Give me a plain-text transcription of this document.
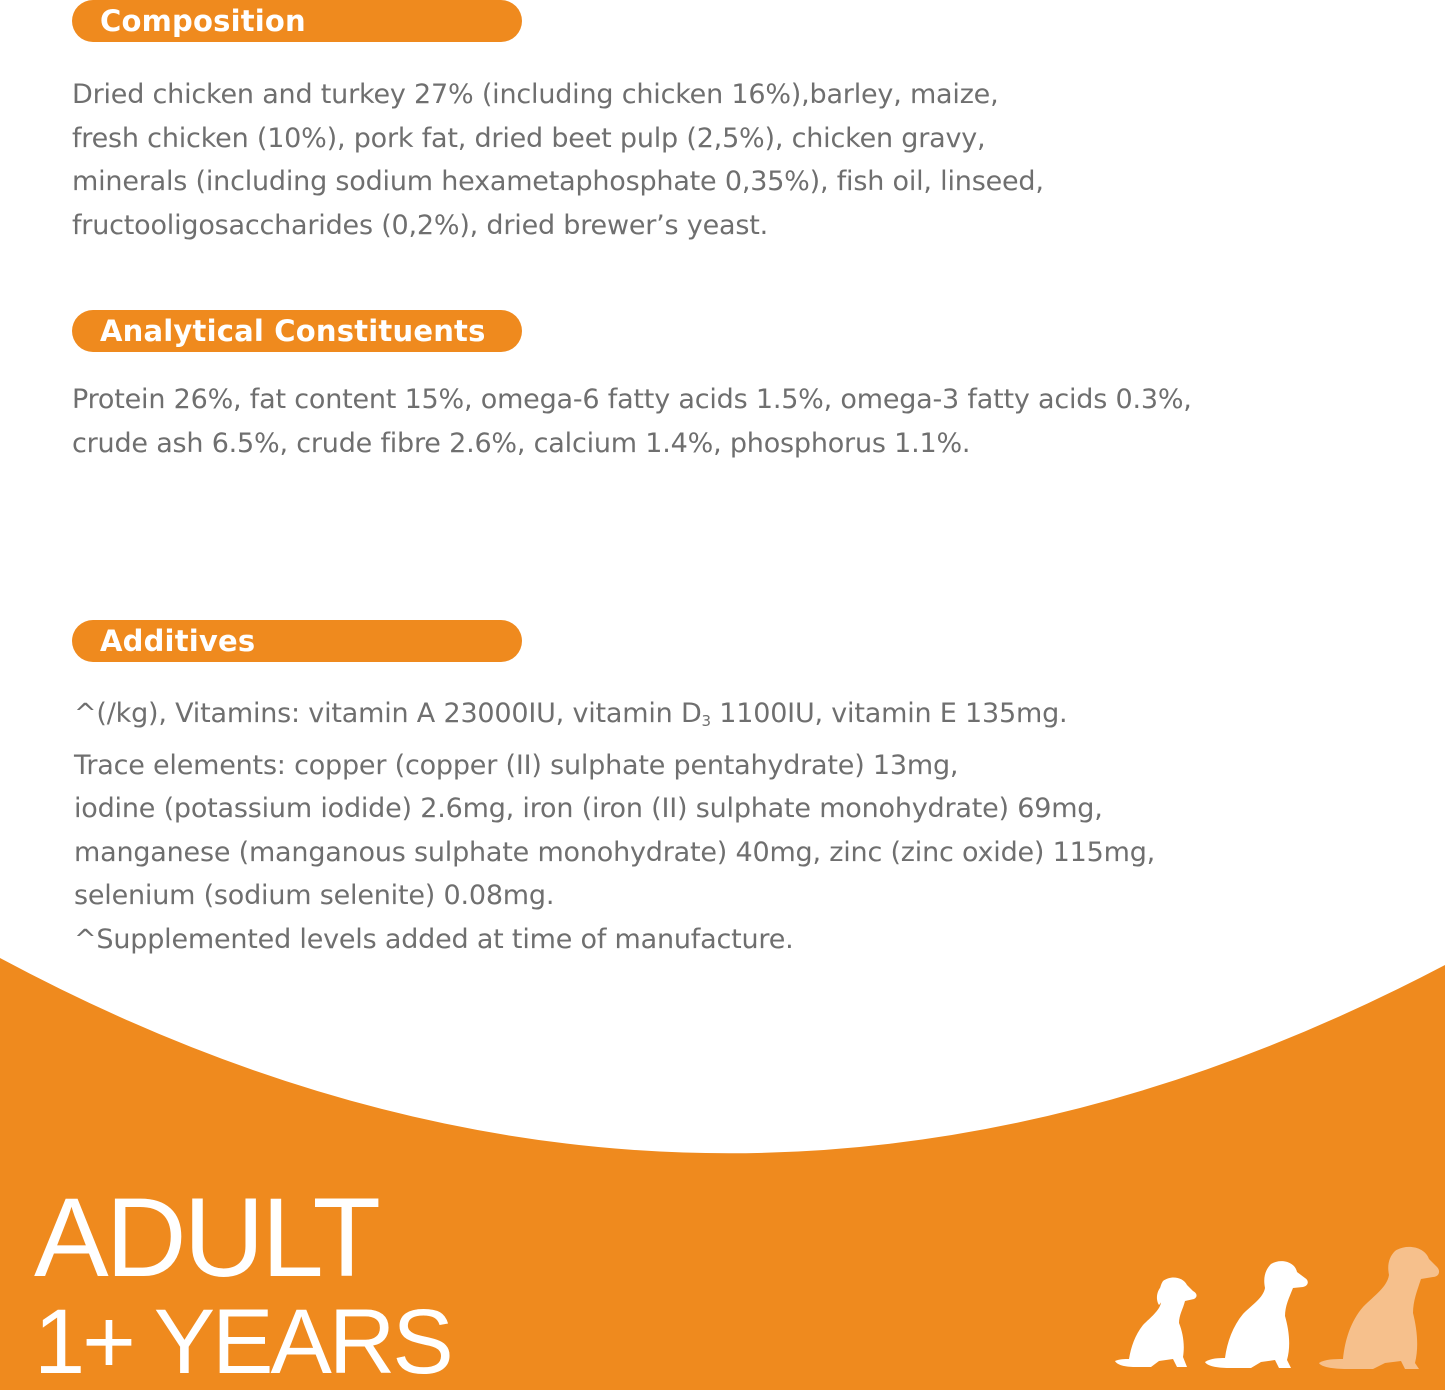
Composition

Dried chicken and turkey 27% (including chicken 16%),barley, maize,
fresh chicken (10%), pork fat, dried beet pulp (2,5%), chicken gravy,
minerals (including sodium hexametaphosphate 0,35%), fish oil, linseed,
fructooligosaccharides (0,2%), dried brewer’s yeast.

Analytical Constituents

Protein 26%, fat content 15%, omega-6 fatty acids 1.5%, omega-3 fatty acids 0.3%,
crude ash 6.5%, crude fibre 2.6%, calcium 1.4%, phosphorus 1.1%.

Additives

^(/kg), Vitamins: vitamin A 23000IU, vitamin $D_3$ 1100IU, vitamin E 135mg.
Trace elements: copper (copper (II) sulphate pentahydrate) 13mg,
iodine (potassium iodide) 2.6mg, iron (iron (II) sulphate monohydrate) 69mg,
manganese (manganous sulphate monohydrate) 40mg, zinc (zinc oxide) 115mg,
selenium (sodium selenite) 0.08mg.
^Supplemented levels added at time of manufacture.

ADULT
1+ YEARS
